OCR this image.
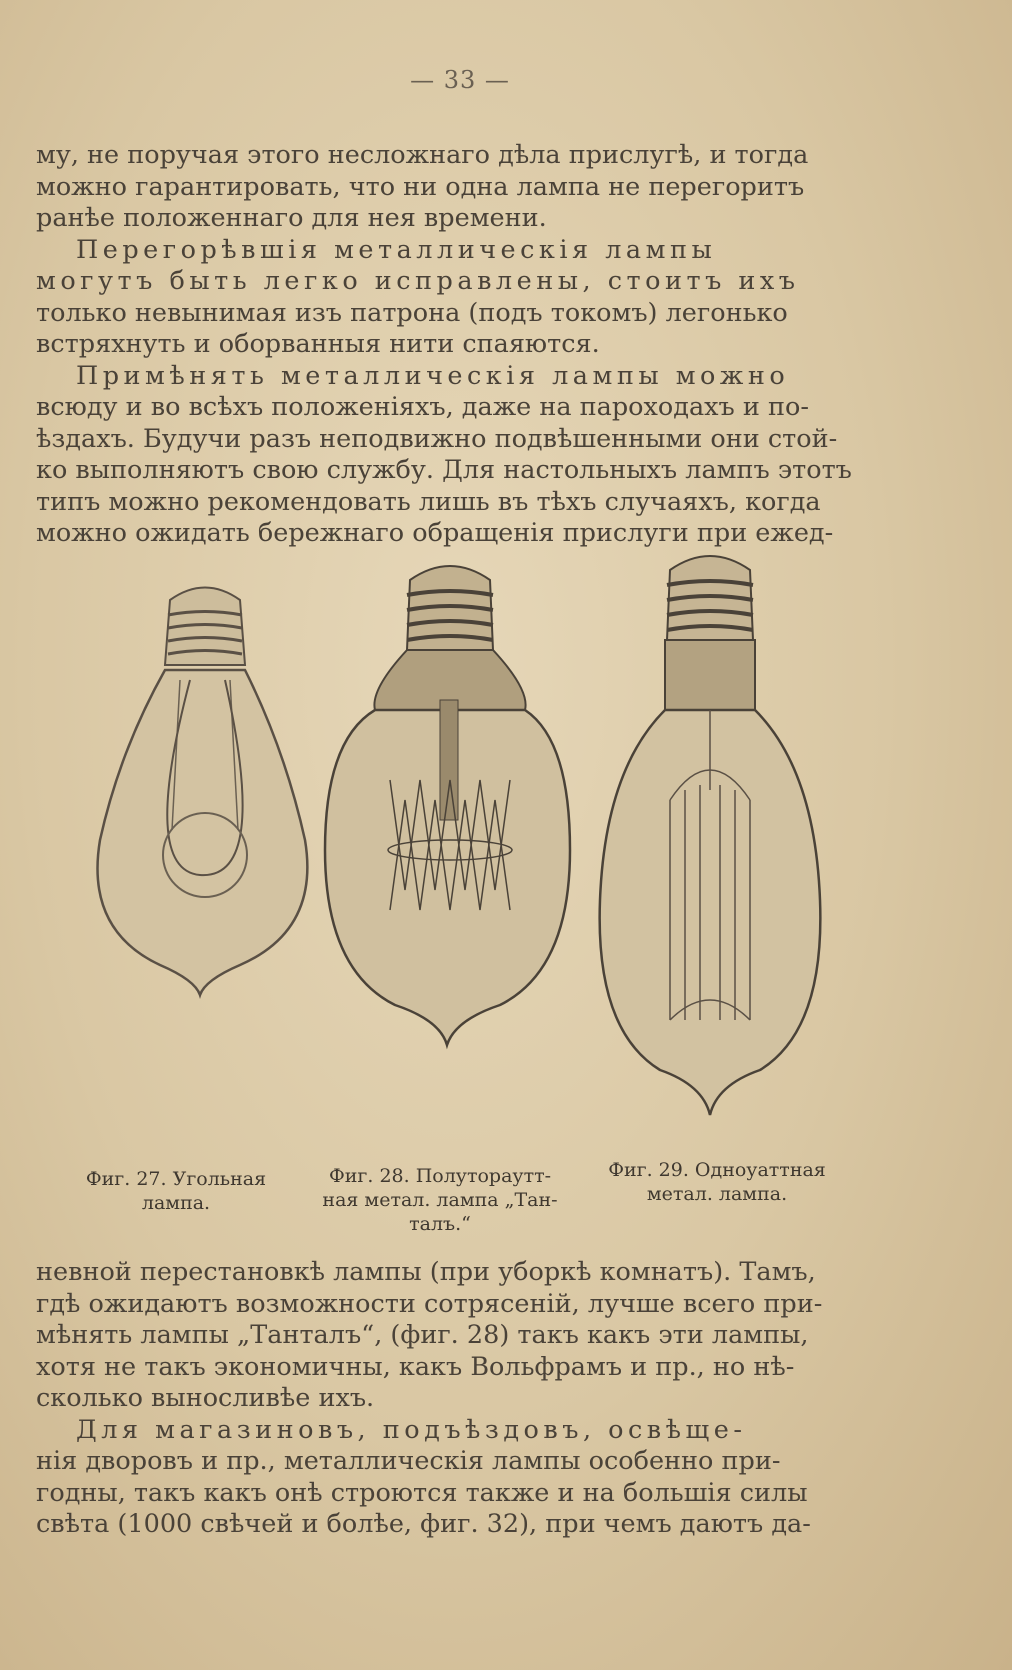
— 33 —
му, не поручая этого несложнаго дѣла прислугѣ, и тогда
можно гарантировать, что ни одна лампа не перегоритъ
ранѣе положеннаго для нея времени.
Перегорѣвшія металлическія лампы
могутъ быть легко исправлены, стоитъ ихъ
только невынимая изъ патрона (подъ токомъ) легонько
встряхнуть и оборванныя нити спаяются.
Примѣнять металлическія лампы можно
всюду и во всѣхъ положеніяхъ, даже на пароходахъ и по-
ѣздахъ. Будучи разъ неподвижно подвѣшенными они стой-
ко выполняютъ свою службу. Для настольныхъ лампъ этотъ
типъ можно рекомендовать лишь въ тѣхъ случаяхъ, когда
можно ожидать бережнаго обращенія прислуги при ежед-
Фиг. 27. Угольная
лампа.
Фиг. 28. Полутораутт-
ная метал. лампа „Тан-
талъ.“
Фиг. 29. Одноуаттная
метал. лампа.
невной перестановкѣ лампы (при уборкѣ комнатъ). Тамъ,
гдѣ ожидаютъ возможности сотрясеній, лучше всего при-
мѣнять лампы „Танталъ“, (фиг. 28) такъ какъ эти лампы,
хотя не такъ экономичны, какъ Вольфрамъ и пр., но нѣ-
сколько выносливѣе ихъ.
Для магазиновъ, подъѣздовъ, освѣще-
нія дворовъ и пр., металлическія лампы особенно при-
годны, такъ какъ онѣ строются также и на большія силы
свѣта (1000 свѣчей и болѣе, фиг. 32), при чемъ даютъ да-
